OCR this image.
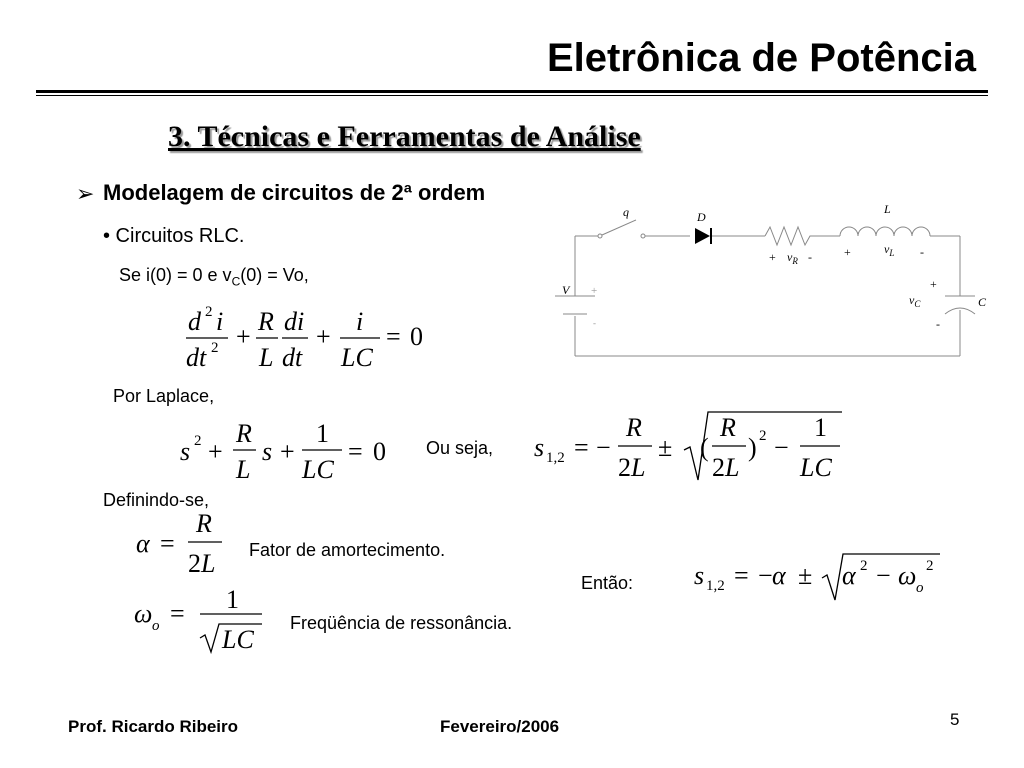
Eletrônica de Potência
3. Técnicas e Ferramentas de Análise
➢ Modelagem de circuitos de 2ª ordem
• Circuitos RLC.
Se i(0) = 0 e $v_C(0) = Vo$,
q	D
L
C
V
$v_R$
$v_L$
$v_C$
+	-	+	-
+
-
+
-
d 2 i
dt 2 +
R
L
di
dt
+
i
LC
= 0
Por Laplace,
s 2 +
R
L
s +
1
LC
= 0 Ou seja, s 1,2 = −
R
2 L
± (
R
2 L
) 2 −
1
LC
Definindo-se,
α =
R
2 L Fator de amortecimento.
Então: s 1,2 = − α ± α 2 − ω o
2
ω o = 1
LC
Freqüência de ressonância.
Prof. Ricardo Ribeiro	Fevereiro/2006	5
